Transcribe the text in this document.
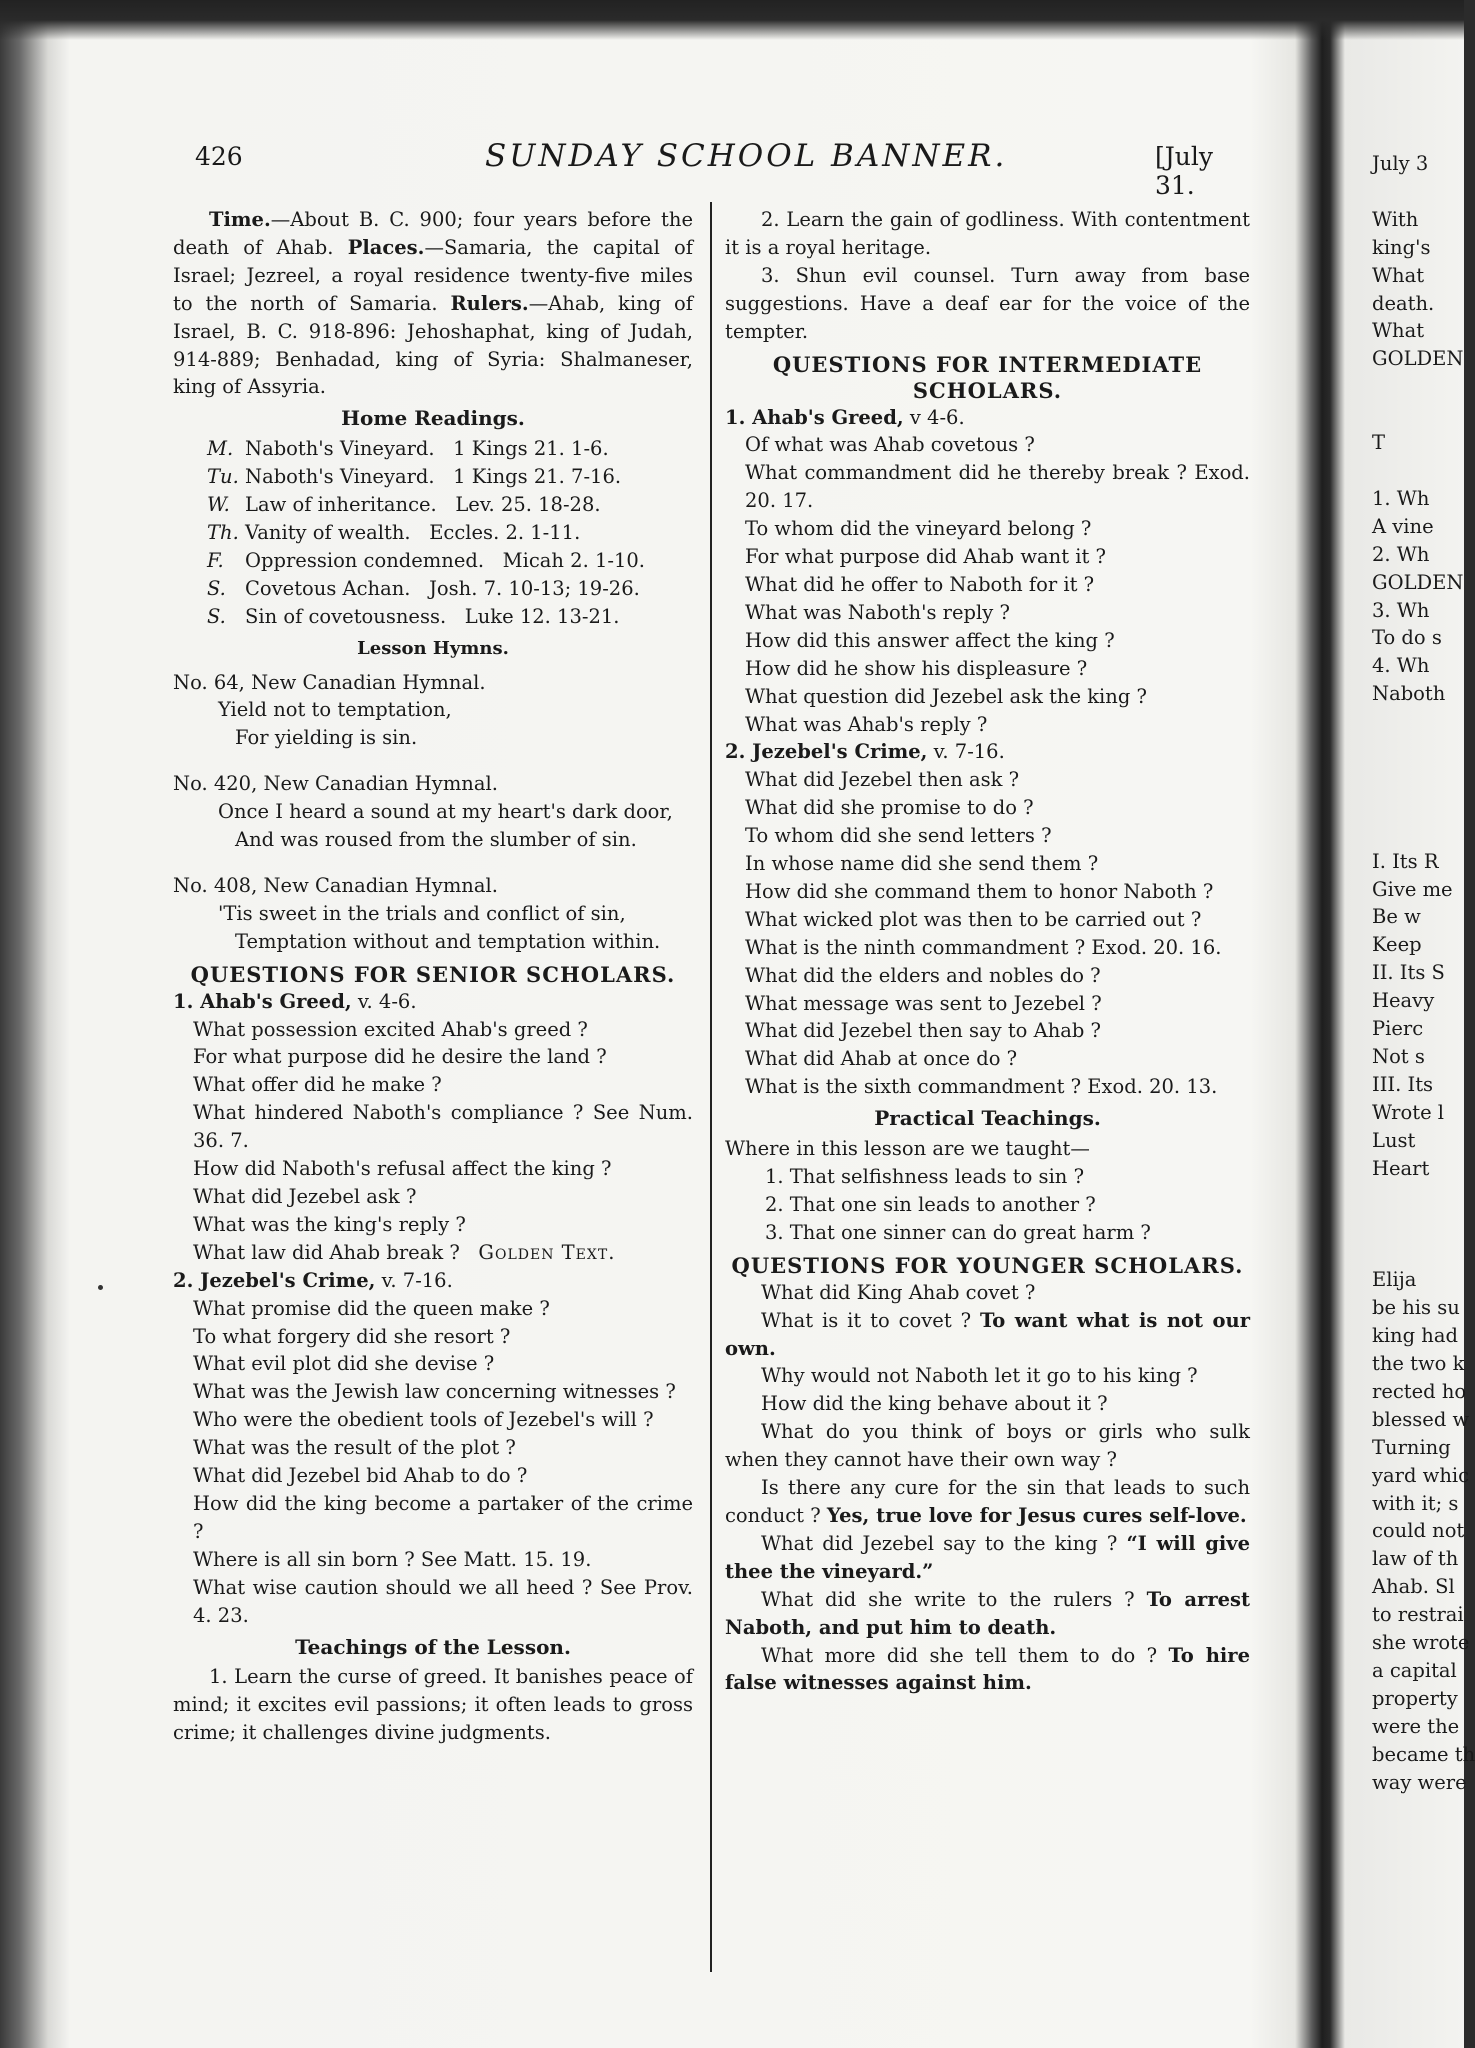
426	SUNDAY SCHOOL BANNER.	[July 31.

Time.—About B. C. 900; four years before the death of Ahab. Places.—Samaria, the capital of Israel; Jezreel, a royal residence twenty-five miles to the north of Samaria. Rulers.—Ahab, king of Israel, B. C. 918-896: Jehoshaphat, king of Judah, 914-889; Benhadad, king of Syria: Shalmaneser, king of Assyria.

Home Readings.
M. Naboth's Vineyard.   1 Kings 21. 1-6.
Tu. Naboth's Vineyard.   1 Kings 21. 7-16.
W. Law of inheritance.   Lev. 25. 18-28.
Th. Vanity of wealth.   Eccles. 2. 1-11.
F. Oppression condemned.   Micah 2. 1-10.
S. Covetous Achan.   Josh. 7. 10-13; 19-26.
S. Sin of covetousness.   Luke 12. 13-21.
Lesson Hymns.
No. 64, New Canadian Hymnal.
Yield not to temptation,
For yielding is sin.
No. 420, New Canadian Hymnal.
Once I heard a sound at my heart's dark door,
And was roused from the slumber of sin.
No. 408, New Canadian Hymnal.
'Tis sweet in the trials and conflict of sin,
Temptation without and temptation within.
QUESTIONS FOR SENIOR SCHOLARS.
1. Ahab's Greed, v. 4-6.
What possession excited Ahab's greed ?
For what purpose did he desire the land ?
What offer did he make ?
What hindered Naboth's compliance ? See Num. 36. 7.
How did Naboth's refusal affect the king ?
What did Jezebel ask ?
What was the king's reply ?
What law did Ahab break ? Golden Text.
2. Jezebel's Crime, v. 7-16.
What promise did the queen make ?
To what forgery did she resort ?
What evil plot did she devise ?
What was the Jewish law concerning witnesses ?
Who were the obedient tools of Jezebel's will ?
What was the result of the plot ?
What did Jezebel bid Ahab to do ?
How did the king become a partaker of the crime ?
Where is all sin born ? See Matt. 15. 19.
What wise caution should we all heed ? See Prov. 4. 23.
Teachings of the Lesson.

1. Learn the curse of greed. It banishes peace of mind; it excites evil passions; it often leads to gross crime; it challenges divine judgments.

2. Learn the gain of godliness. With contentment it is a royal heritage.

3. Shun evil counsel. Turn away from base suggestions. Have a deaf ear for the voice of the tempter.

QUESTIONS FOR INTERMEDIATE SCHOLARS.
1. Ahab's Greed, v 4-6.
Of what was Ahab covetous ?
What commandment did he thereby break ? Exod. 20. 17.
To whom did the vineyard belong ?
For what purpose did Ahab want it ?
What did he offer to Naboth for it ?
What was Naboth's reply ?
How did this answer affect the king ?
How did he show his displeasure ?
What question did Jezebel ask the king ?
What was Ahab's reply ?
2. Jezebel's Crime, v. 7-16.
What did Jezebel then ask ?
What did she promise to do ?
To whom did she send letters ?
In whose name did she send them ?
How did she command them to honor Naboth ?
What wicked plot was then to be carried out ?
What is the ninth commandment ? Exod. 20. 16.
What did the elders and nobles do ?
What message was sent to Jezebel ?
What did Jezebel then say to Ahab ?
What did Ahab at once do ?
What is the sixth commandment ? Exod. 20. 13.
Practical Teachings.
Where in this lesson are we taught—
1. That selfishness leads to sin ?
2. That one sin leads to another ?
3. That one sinner can do great harm ?
QUESTIONS FOR YOUNGER SCHOLARS.

What did King Ahab covet ?

What is it to covet ? To want what is not our own.

Why would not Naboth let it go to his king ?

How did the king behave about it ?

What do you think of boys or girls who sulk when they cannot have their own way ?

Is there any cure for the sin that leads to such conduct ? Yes, true love for Jesus cures self-love.

What did Jezebel say to the king ? “I will give thee the vineyard.”

What did she write to the rulers ? To arrest Naboth, and put him to death.

What more did she tell them to do ? To hire false witnesses against him.

July 3

With
king's
What
death.
What
GOLDEN

T

1. Wh
A vine
2. Wh
GOLDEN
3. Wh
To do s
4. Wh
Naboth

I. Its R
Give me
Be w
Keep
II. Its S
Heavy
Pierc
Not s
III. Its
Wrote l
Lust
Heart

Elija
be his su
king had
the two k
rected ho
blessed w
Turning
yard whic
with it; s
could not
law of th
Ahab. Sl
to restrai
she wrote
a capital
property
were the
became th
way were
